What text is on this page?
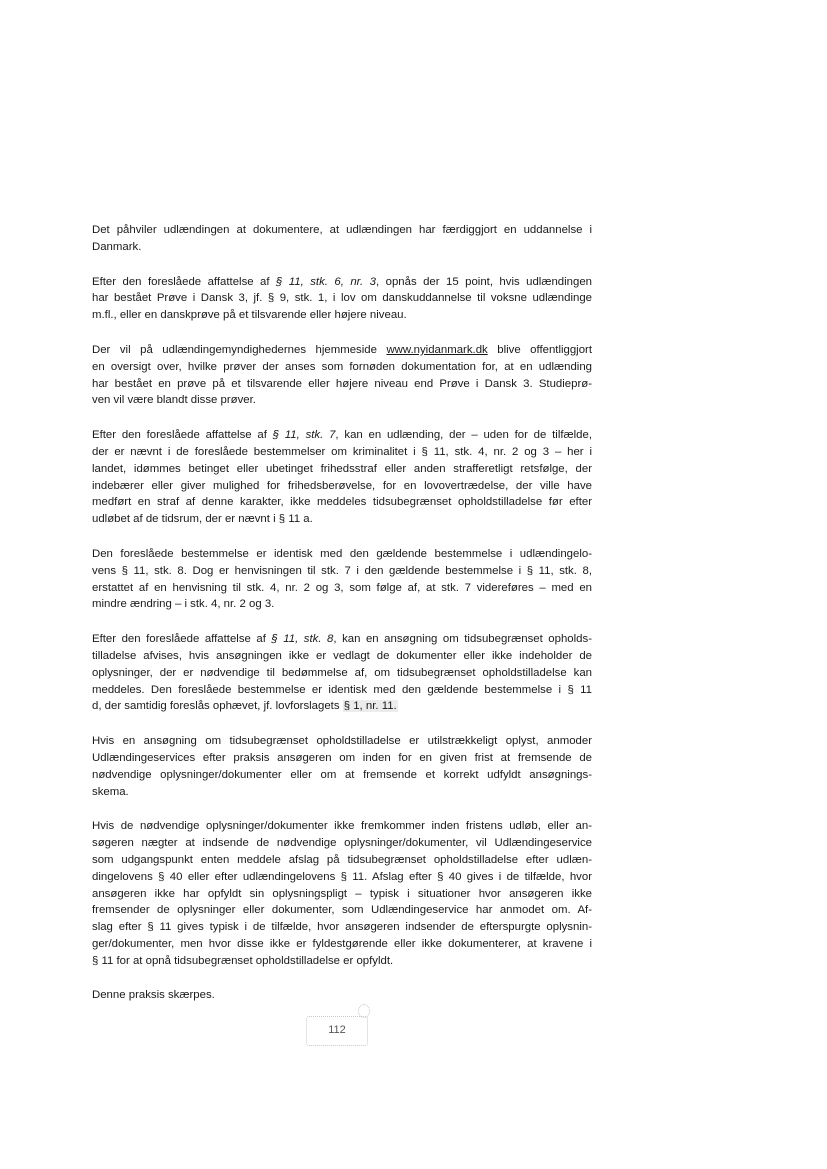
Det påhviler udlændingen at dokumentere, at udlændingen har færdiggjort en uddannelse i
Danmark.
Efter den foreslåede affattelse af § 11, stk. 6, nr. 3, opnås der 15 point, hvis udlændingen
har bestået Prøve i Dansk 3, jf. § 9, stk. 1, i lov om danskuddannelse til voksne udlændinge
m.fl., eller en danskprøve på et tilsvarende eller højere niveau.
Der vil på udlændingemyndighedernes hjemmeside www.nyidanmark.dk blive offentliggjort
en oversigt over, hvilke prøver der anses som fornøden dokumentation for, at en udlænding
har bestået en prøve på et tilsvarende eller højere niveau end Prøve i Dansk 3. Studieprø-
ven vil være blandt disse prøver.
Efter den foreslåede affattelse af § 11, stk. 7, kan en udlænding, der – uden for de tilfælde,
der er nævnt i de foreslåede bestemmelser om kriminalitet i § 11, stk. 4, nr. 2 og 3 – her i
landet, idømmes betinget eller ubetinget frihedsstraf eller anden strafferetligt retsfølge, der
indebærer eller giver mulighed for frihedsberøvelse, for en lovovertrædelse, der ville have
medført en straf af denne karakter, ikke meddeles tidsubegrænset opholdstilladelse før efter
udløbet af de tidsrum, der er nævnt i § 11 a.
Den foreslåede bestemmelse er identisk med den gældende bestemmelse i udlændingelo-
vens § 11, stk. 8. Dog er henvisningen til stk. 7 i den gældende bestemmelse i § 11, stk. 8,
erstattet af en henvisning til stk. 4, nr. 2 og 3, som følge af, at stk. 7 videreføres – med en
mindre ændring – i stk. 4, nr. 2 og 3.
Efter den foreslåede affattelse af § 11, stk. 8, kan en ansøgning om tidsubegrænset opholds-
tilladelse afvises, hvis ansøgningen ikke er vedlagt de dokumenter eller ikke indeholder de
oplysninger, der er nødvendige til bedømmelse af, om tidsubegrænset opholdstilladelse kan
meddeles. Den foreslåede bestemmelse er identisk med den gældende bestemmelse i § 11
d, der samtidig foreslås ophævet, jf. lovforslagets § 1, nr. 11.
Hvis en ansøgning om tidsubegrænset opholdstilladelse er utilstrækkeligt oplyst, anmoder
Udlændingeservices efter praksis ansøgeren om inden for en given frist at fremsende de
nødvendige oplysninger/dokumenter eller om at fremsende et korrekt udfyldt ansøgnings-
skema.
Hvis de nødvendige oplysninger/dokumenter ikke fremkommer inden fristens udløb, eller an-
søgeren nægter at indsende de nødvendige oplysninger/dokumenter, vil Udlændingeservice
som udgangspunkt enten meddele afslag på tidsubegrænset opholdstilladelse efter udlæn-
dingelovens § 40 eller efter udlændingelovens § 11. Afslag efter § 40 gives i de tilfælde, hvor
ansøgeren ikke har opfyldt sin oplysningspligt – typisk i situationer hvor ansøgeren ikke
fremsender de oplysninger eller dokumenter, som Udlændingeservice har anmodet om. Af-
slag efter § 11 gives typisk i de tilfælde, hvor ansøgeren indsender de efterspurgte oplysnin-
ger/dokumenter, men hvor disse ikke er fyldestgørende eller ikke dokumenterer, at kravene i
§ 11 for at opnå tidsubegrænset opholdstilladelse er opfyldt.
Denne praksis skærpes.
112
